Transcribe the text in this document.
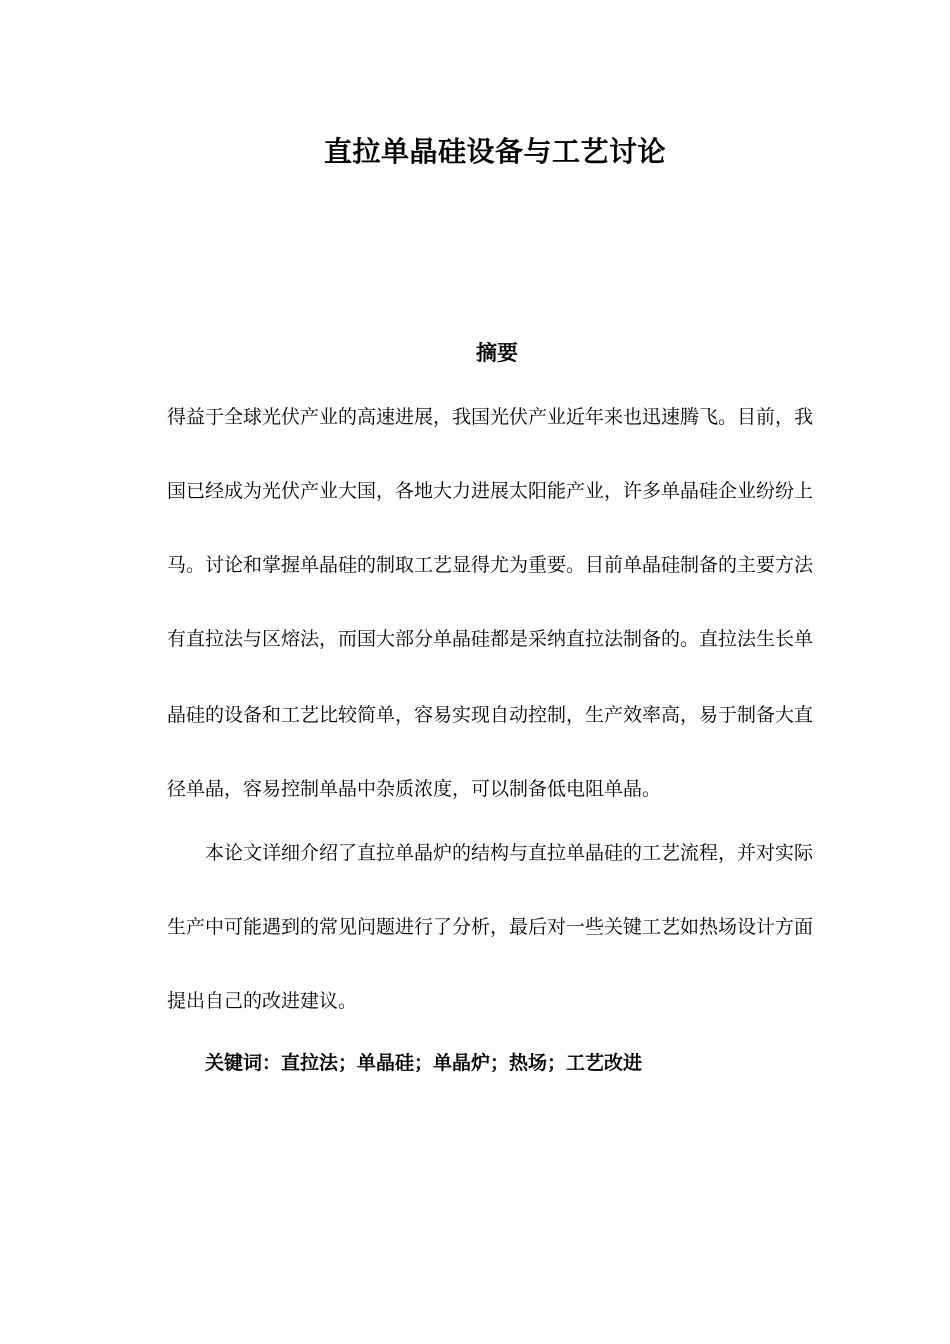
直拉单晶硅设备与工艺讨论
摘要
得益于全球光伏产业的高速进展，我国光伏产业近年来也迅速腾飞。目前，我
国已经成为光伏产业大国，各地大力进展太阳能产业，许多单晶硅企业纷纷上
马。讨论和掌握单晶硅的制取工艺显得尤为重要。目前单晶硅制备的主要方法
有直拉法与区熔法，而国大部分单晶硅都是采纳直拉法制备的。直拉法生长单
晶硅的设备和工艺比较简单，容易实现自动控制，生产效率高，易于制备大直
径单晶，容易控制单晶中杂质浓度，可以制备低电阻单晶。
本论文详细介绍了直拉单晶炉的结构与直拉单晶硅的工艺流程，并对实际
生产中可能遇到的常见问题进行了分析，最后对一些关键工艺如热场设计方面
提出自己的改进建议。
关键词：直拉法；单晶硅；单晶炉；热场；工艺改进
